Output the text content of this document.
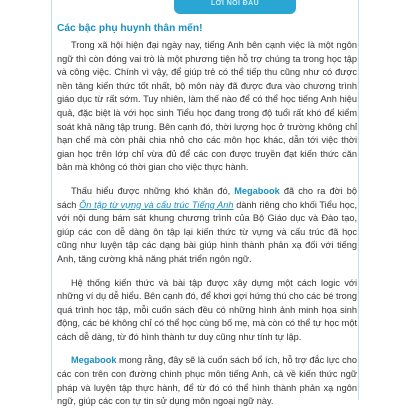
LỜI NÓI ĐẦU
Các bậc phụ huynh thân mến!

Trong xã hội hiện đại ngày nay, tiếng Anh bên cạnh việc là một ngôn ngữ thì còn đóng vai trò là một phương tiện hỗ trợ chúng ta trong học tập và công việc. Chính vì vậy, để giúp trẻ có thể tiếp thu cũng như có được nền tảng kiến thức tốt nhất, bộ môn này đã được đưa vào chương trình giáo dục từ rất sớm. Tuy nhiên, làm thế nào để có thể học tiếng Anh hiệu quả, đặc biệt là với học sinh Tiểu học đang trong độ tuổi rất khó để kiểm soát khả năng tập trung. Bên cạnh đó, thời lượng học ở trường không chỉ hạn chế mà còn phải chia nhỏ cho các môn học khác, dẫn tới việc thời gian học trên lớp chỉ vừa đủ để các con được truyền đạt kiến thức căn bản mà không có thời gian cho việc thực hành.

Thấu hiểu được những khó khăn đó, Megabook đã cho ra đời bộ sách Ôn tập từ vựng và cấu trúc Tiếng Anh dành riêng cho khối Tiểu học, với nội dung bám sát khung chương trình của Bộ Giáo dục và Đào tạo, giúp các con dễ dàng ôn tập lại kiến thức từ vựng và cấu trúc đã học cũng như luyện tập các dạng bài giúp hình thành phản xạ đối với tiếng Anh, tăng cường khả năng phát triển ngôn ngữ.

Hệ thống kiến thức và bài tập được xây dựng một cách logic với những ví dụ dễ hiểu. Bên cạnh đó, để khơi gợi hứng thú cho các bé trong quá trình học tập, mỗi cuốn sách đều có những hình ảnh minh họa sinh động, các bé không chỉ có thể học cùng bố mẹ, mà còn có thể tự học một cách dễ dàng, từ đó hình thành tư duy cũng như tính tự lập.

Megabook mong rằng, đây sẽ là cuốn sách bổ ích, hỗ trợ đắc lực cho các con trên con đường chinh phục môn tiếng Anh, cả về kiến thức ngữ pháp và luyện tập thực hành, để từ đó có thể hình thành phản xạ ngôn ngữ, giúp các con tự tin sử dụng môn ngoại ngữ này.
